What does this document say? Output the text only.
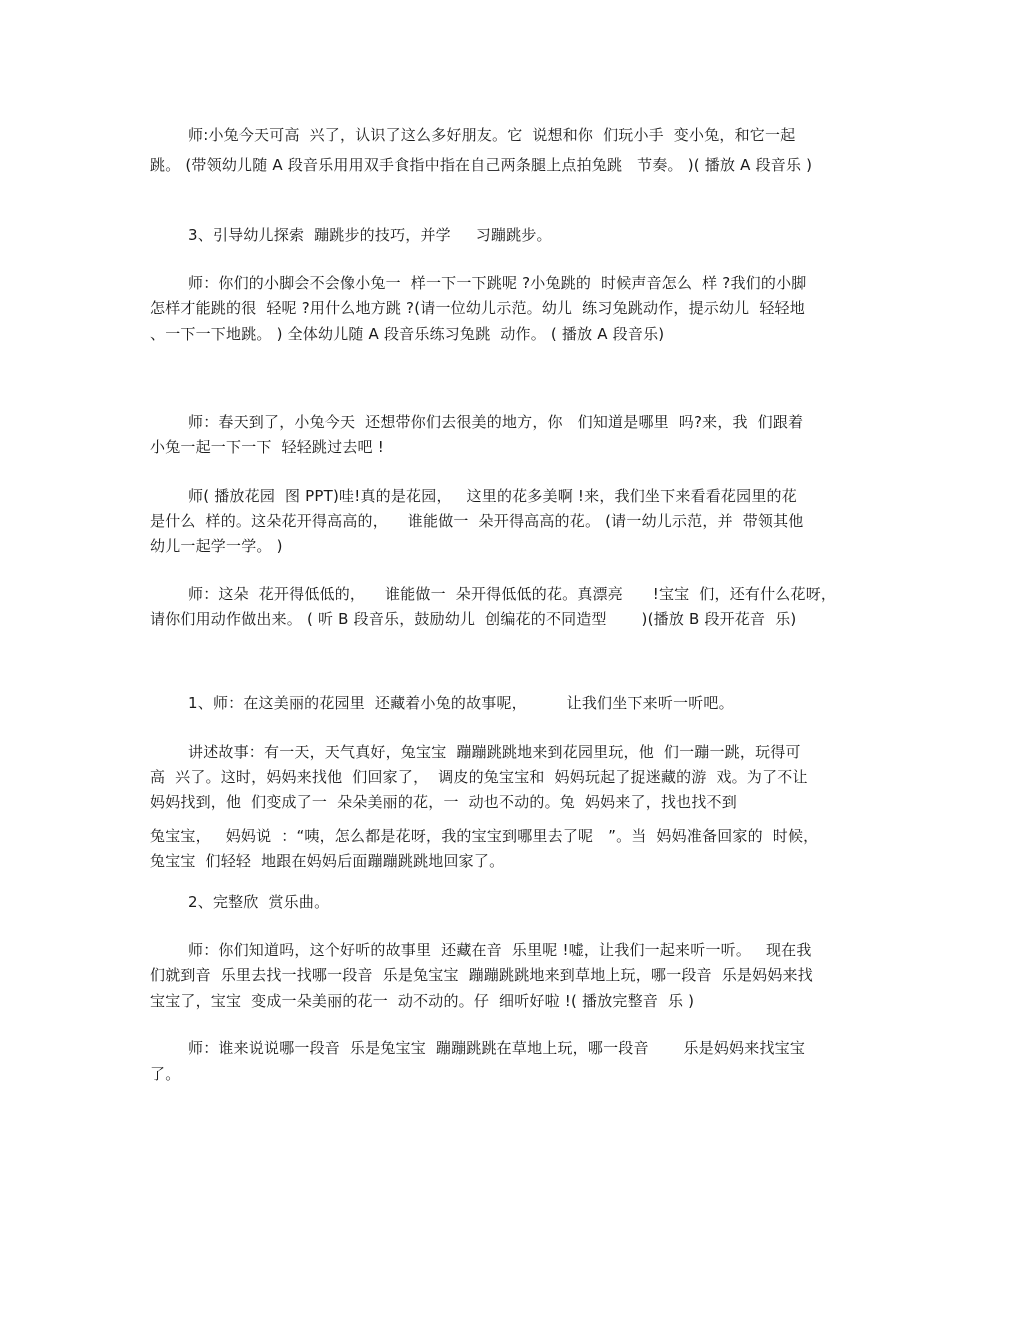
师:小兔今天可高  兴了，认识了这么多好朋友。它  说想和你  们玩小手  变小兔，和它一起
跳。 (带领幼儿随 A 段音乐用用双手食指中指在自己两条腿上点拍兔跳   节奏。 )( 播放 A 段音乐 )
3、引导幼儿探索  蹦跳步的技巧，并学     习蹦跳步。
师：你们的小脚会不会像小兔一  样一下一下跳呢 ?小兔跳的  时候声音怎么  样 ?我们的小脚
怎样才能跳的很  轻呢 ?用什么地方跳 ?(请一位幼儿示范。幼儿  练习兔跳动作，提示幼儿  轻轻地
、一下一下地跳。 ) 全体幼儿随 A 段音乐练习兔跳  动作。 ( 播放 A 段音乐)
师：春天到了，小兔今天  还想带你们去很美的地方，你   们知道是哪里  吗?来，我  们跟着
小兔一起一下一下  轻轻跳过去吧 !
师( 播放花园  图 PPT)哇!真的是花园，   这里的花多美啊 !来，我们坐下来看看花园里的花
是什么  样的。这朵花开得高高的，    谁能做一  朵开得高高的花。 (请一幼儿示范，并  带领其他
幼儿一起学一学。 )
师：这朵  花开得低低的，    谁能做一  朵开得低低的花。真漂亮      !宝宝  们，还有什么花呀，
请你们用动作做出来。 ( 听 B 段音乐，鼓励幼儿  创编花的不同造型       )(播放 B 段开花音  乐)
1、师：在这美丽的花园里  还藏着小兔的故事呢，        让我们坐下来听一听吧。
讲述故事：有一天，天气真好，兔宝宝  蹦蹦跳跳地来到花园里玩，他  们一蹦一跳，玩得可
高  兴了。这时，妈妈来找他  们回家了，  调皮的兔宝宝和  妈妈玩起了捉迷藏的游  戏。为了不让
妈妈找到，他  们变成了一  朵朵美丽的花，一  动也不动的。兔  妈妈来了，找也找不到
兔宝宝，   妈妈说  ：“咦，怎么都是花呀，我的宝宝到哪里去了呢   ”。当  妈妈准备回家的  时候，
兔宝宝  们轻轻  地跟在妈妈后面蹦蹦跳跳地回家了。
2、完整欣  赏乐曲。
师：你们知道吗，这个好听的故事里  还藏在音  乐里呢 !嘘，让我们一起来听一听。   现在我
们就到音  乐里去找一找哪一段音  乐是兔宝宝  蹦蹦跳跳地来到草地上玩，哪一段音  乐是妈妈来找
宝宝了，宝宝  变成一朵美丽的花一  动不动的。仔  细听好啦 !( 播放完整音  乐 )
师：谁来说说哪一段音  乐是兔宝宝  蹦蹦跳跳在草地上玩，哪一段音       乐是妈妈来找宝宝
了。
